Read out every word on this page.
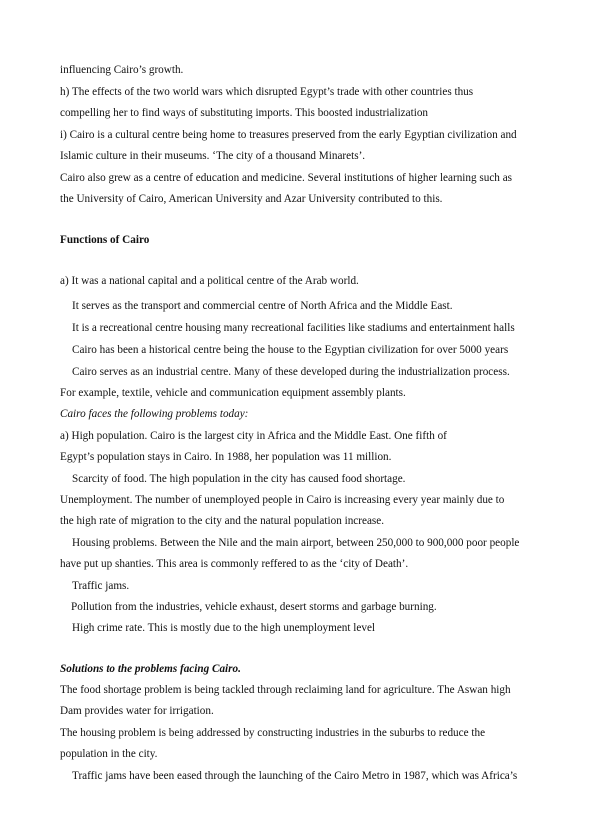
influencing Cairo’s growth.
h) The effects of the two world wars which disrupted Egypt’s trade with other countries thus
compelling her to find ways of substituting imports. This boosted industrialization
i) Cairo is a cultural centre being home to treasures preserved from the early Egyptian civilization and
Islamic culture in their museums. ‘The city of a thousand Minarets’.
Cairo also grew as a centre of education and medicine. Several institutions of higher learning such as
the University of Cairo, American University and Azar University contributed to this.
Functions of Cairo
a) It was a national capital and a political centre of the Arab world.
It serves as the transport and commercial centre of North Africa and the Middle East.
It is a recreational centre housing many recreational facilities like stadiums and entertainment halls
Cairo has been a historical centre being the house to the Egyptian civilization for over 5000 years
Cairo serves as an industrial centre. Many of these developed during the industrialization process.
For example, textile, vehicle and communication equipment assembly plants.
Cairo faces the following problems today:
a) High population. Cairo is the largest city in Africa and the Middle East. One fifth of
Egypt’s population stays in Cairo. In 1988, her population was 11 million.
Scarcity of food. The high population in the city has caused food shortage.
Unemployment. The number of unemployed people in Cairo is increasing every year mainly due to
the high rate of migration to the city and the natural population increase.
Housing problems. Between the Nile and the main airport, between 250,000 to 900,000 poor people
have put up shanties. This area is commonly reffered to as the ‘city of Death’.
Traffic jams.
Pollution from the industries, vehicle exhaust, desert storms and garbage burning.
High crime rate. This is mostly due to the high unemployment level
Solutions to the problems facing Cairo.
The food shortage problem is being tackled through reclaiming land for agriculture. The Aswan high
Dam provides water for irrigation.
The housing problem is being addressed by constructing industries in the suburbs to reduce the
population in the city.
Traffic jams have been eased through the launching of the Cairo Metro in 1987, which was Africa’s
